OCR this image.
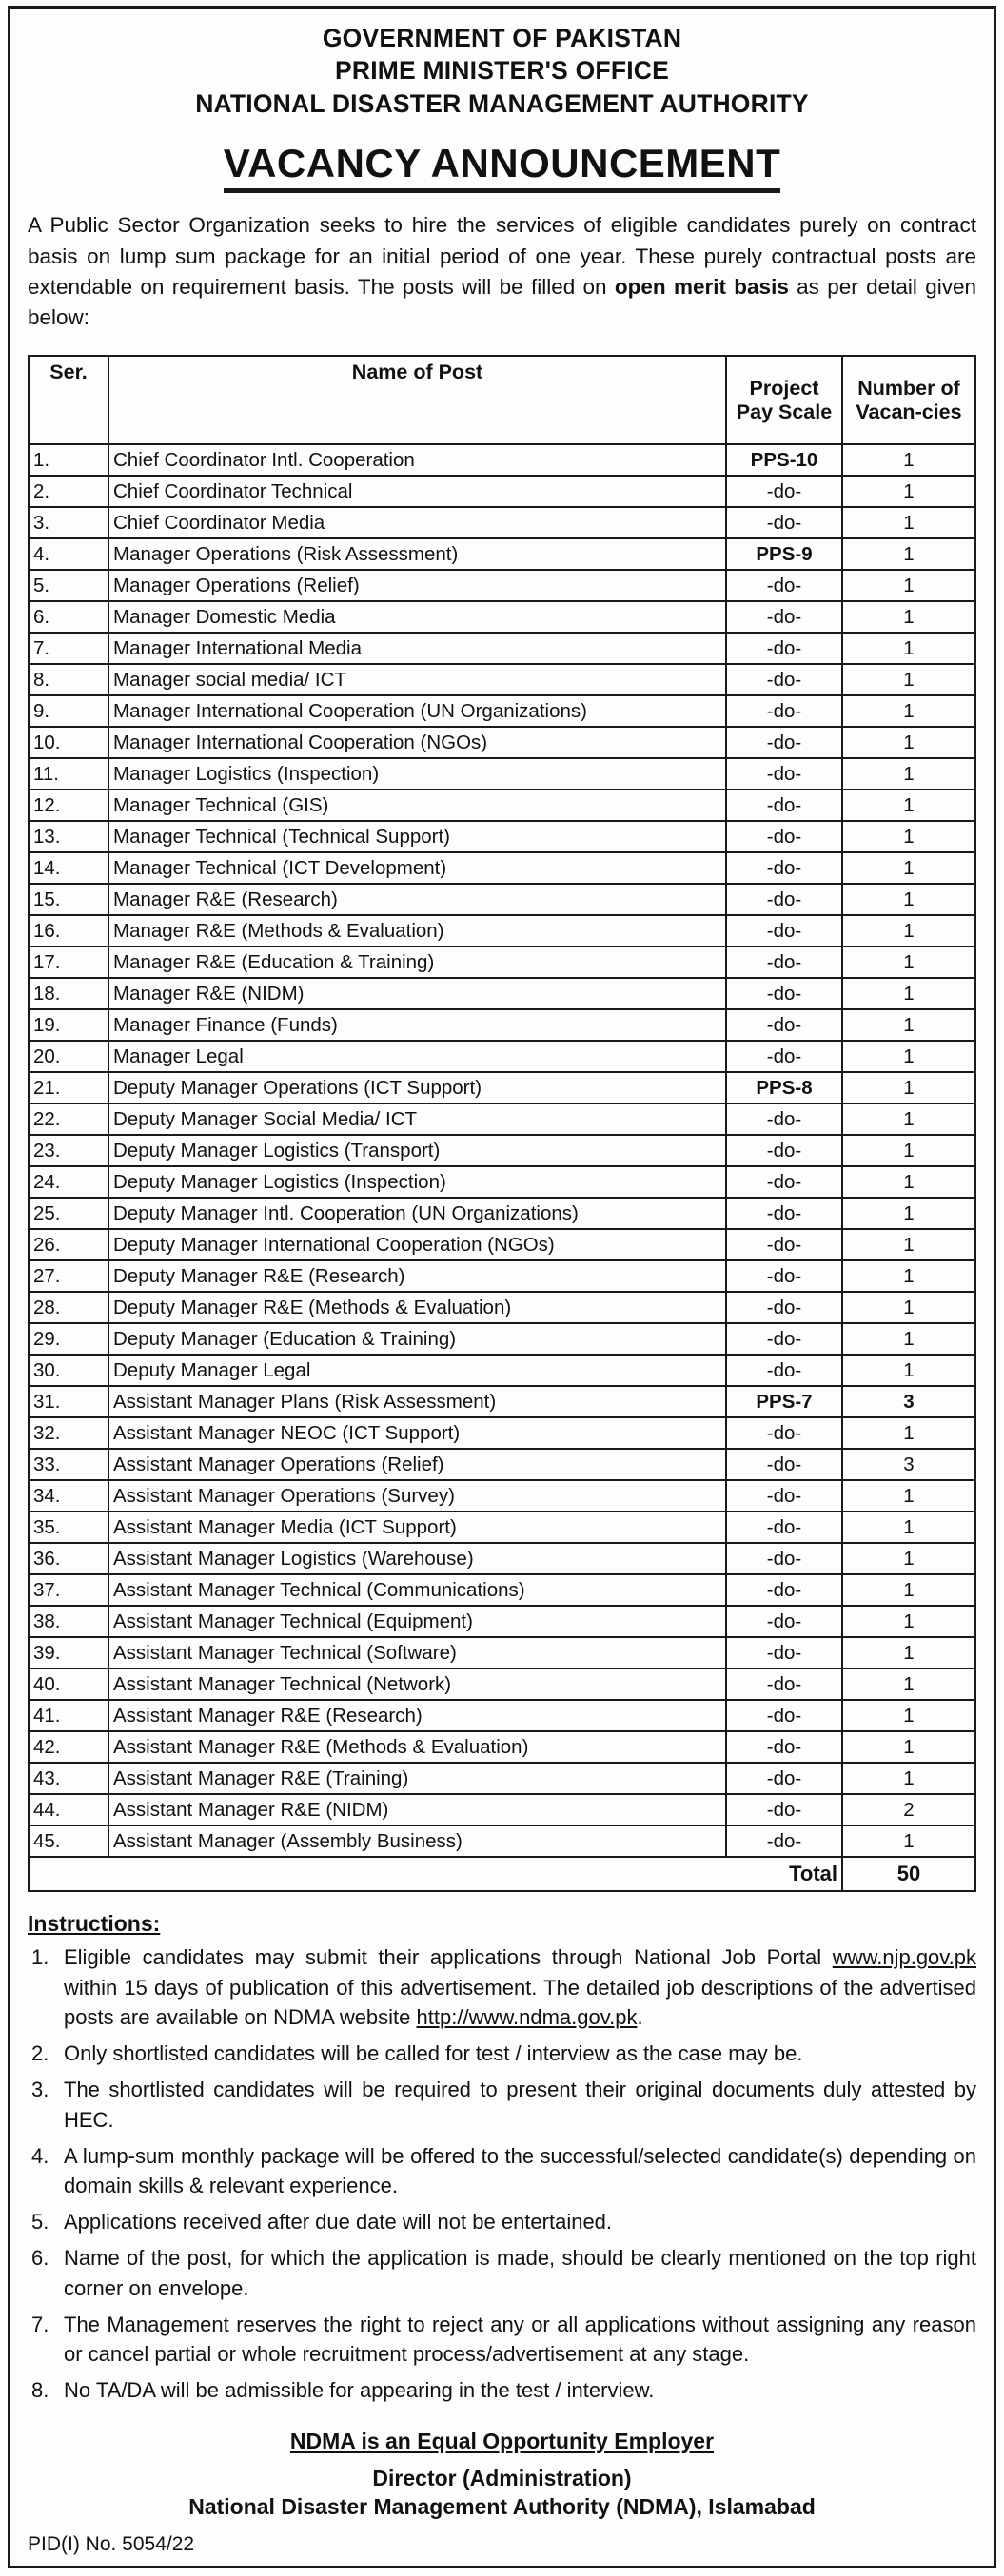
GOVERNMENT OF PAKISTAN
PRIME MINISTER'S OFFICE
NATIONAL DISASTER MANAGEMENT AUTHORITY
VACANCY ANNOUNCEMENT

A Public Sector Organization seeks to hire the services of eligible candidates purely on contract basis on lump sum package for an initial period of one year. These purely contractual posts are extendable on requirement basis. The posts will be filled on open merit basis as per detail given below:

Ser.	Name of Post	Project Pay Scale	Number of Vacan-cies
1.	Chief Coordinator Intl. Cooperation	PPS-10	1
2.	Chief Coordinator Technical	-do-	1
3.	Chief Coordinator Media	-do-	1
4.	Manager Operations (Risk Assessment)	PPS-9	1
5.	Manager Operations (Relief)	-do-	1
6.	Manager Domestic Media	-do-	1
7.	Manager International Media	-do-	1
8.	Manager social media/ ICT	-do-	1
9.	Manager International Cooperation (UN Organizations)	-do-	1
10.	Manager International Cooperation (NGOs)	-do-	1
11.	Manager Logistics (Inspection)	-do-	1
12.	Manager Technical (GIS)	-do-	1
13.	Manager Technical (Technical Support)	-do-	1
14.	Manager Technical (ICT Development)	-do-	1
15.	Manager R&E (Research)	-do-	1
16.	Manager R&E (Methods & Evaluation)	-do-	1
17.	Manager R&E (Education & Training)	-do-	1
18.	Manager R&E (NIDM)	-do-	1
19.	Manager Finance (Funds)	-do-	1
20.	Manager Legal	-do-	1
21.	Deputy Manager Operations (ICT Support)	PPS-8	1
22.	Deputy Manager Social Media/ ICT	-do-	1
23.	Deputy Manager Logistics (Transport)	-do-	1
24.	Deputy Manager Logistics (Inspection)	-do-	1
25.	Deputy Manager Intl. Cooperation (UN Organizations)	-do-	1
26.	Deputy Manager International Cooperation (NGOs)	-do-	1
27.	Deputy Manager R&E (Research)	-do-	1
28.	Deputy Manager R&E (Methods & Evaluation)	-do-	1
29.	Deputy Manager (Education & Training)	-do-	1
30.	Deputy Manager Legal	-do-	1
31.	Assistant Manager Plans (Risk Assessment)	PPS-7	3
32.	Assistant Manager NEOC (ICT Support)	-do-	1
33.	Assistant Manager Operations (Relief)	-do-	3
34.	Assistant Manager Operations (Survey)	-do-	1
35.	Assistant Manager Media (ICT Support)	-do-	1
36.	Assistant Manager Logistics (Warehouse)	-do-	1
37.	Assistant Manager Technical (Communications)	-do-	1
38.	Assistant Manager Technical (Equipment)	-do-	1
39.	Assistant Manager Technical (Software)	-do-	1
40.	Assistant Manager Technical (Network)	-do-	1
41.	Assistant Manager R&E (Research)	-do-	1
42.	Assistant Manager R&E (Methods & Evaluation)	-do-	1
43.	Assistant Manager R&E (Training)	-do-	1
44.	Assistant Manager R&E (NIDM)	-do-	2
45.	Assistant Manager (Assembly Business)	-do-	1
Total			50
Instructions:
1. Eligible candidates may submit their applications through National Job Portal www.njp.gov.pk within 15 days of publication of this advertisement. The detailed job descriptions of the advertised posts are available on NDMA website http://www.ndma.gov.pk.
2. Only shortlisted candidates will be called for test / interview as the case may be.
3. The shortlisted candidates will be required to present their original documents duly attested by HEC.
4. A lump-sum monthly package will be offered to the successful/selected candidate(s) depending on domain skills & relevant experience.
5. Applications received after due date will not be entertained.
6. Name of the post, for which the application is made, should be clearly mentioned on the top right corner on envelope.
7. The Management reserves the right to reject any or all applications without assigning any reason or cancel partial or whole recruitment process/advertisement at any stage.
8. No TA/DA will be admissible for appearing in the test / interview.
NDMA is an Equal Opportunity Employer
Director (Administration)
National Disaster Management Authority (NDMA), Islamabad
PID(I) No. 5054/22
